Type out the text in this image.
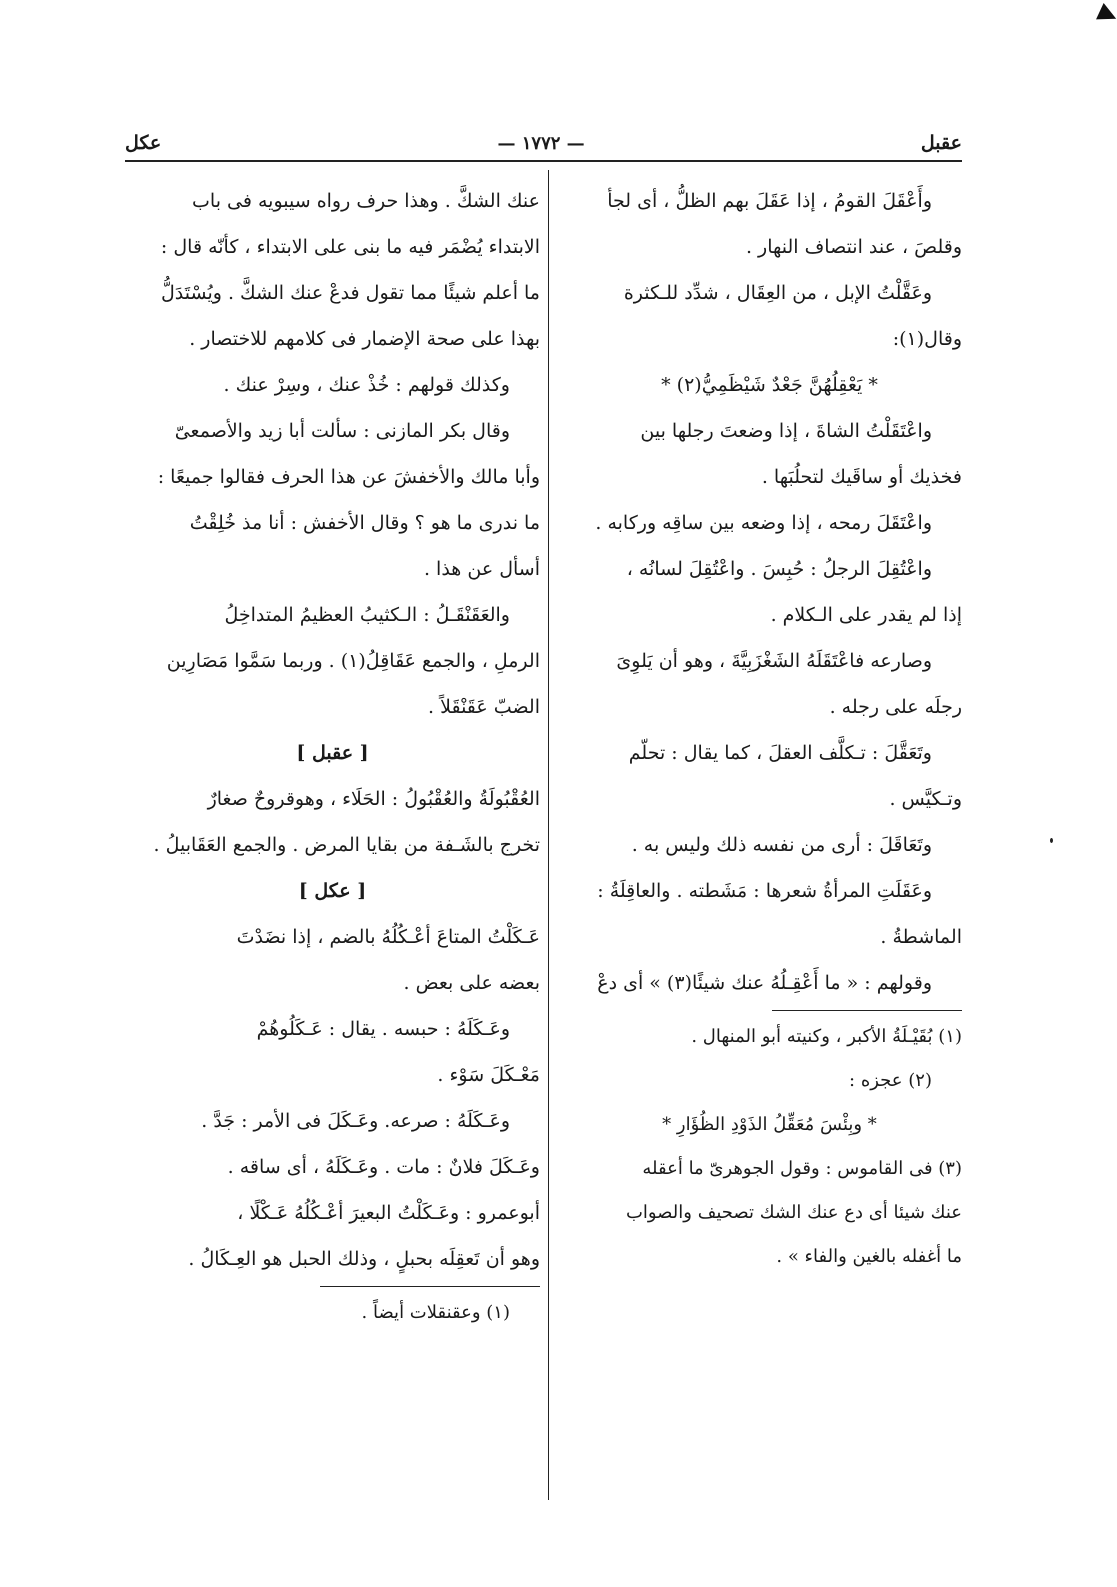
عقبل
— ١٧٧٢ —
عكل

وأَعْقَلَ القومُ ، إذا عَقَلَ بهم الظلُّ ، أى لجأ

وقلصَ ، عند انتصاف النهار .

وعَقَّلْتُ الإبل ، من العِقَال ، شدِّد للـكثرة

وقال(١):

* يَعْقِلُهُنَّ جَعْدٌ شَيْظَمِيُّ(٢) *

واعْتَقَلْتُ الشاةَ ، إذا وضعتَ رجلها بين

فخذيك أو ساقَيك لتحلُبَها .

واعْتَقَلَ رمحه ، إذا وضعه بين ساقِه وركابه .

واعْتُقِلَ الرجلُ : حُبِسَ . واعْتُقِلَ لسانُه ،

إذا لم يقدر على الـكلام .

وصارعه فاعْتَقَلَهُ الشَغْزَبِيَّةَ ، وهو أن يَلوِىَ

رجلَه على رجله .

وتَعَقَّلَ : تـكلَّف العقلَ ، كما يقال : تحلّم

وتـكيَّس .

وتَعَاقَلَ : أرى من نفسه ذلك وليس به .

وعَقَلَتِ المرأةُ شعرها : مَشَطته . والعاقِلَةُ :

الماشطةُ .

وقولهم : « ما أَعْقِـلُهُ عنك شيئًا(٣) » أى دعْ

(١) بُقَيْـلَةُ الأكبر ، وكنيته أبو المنهال .

(٢) عجزه :

* وبِئْسَ مُعَقِّلُ الذَوْدِ الظُؤَارِ *

(٣) فى القاموس : وقول الجوهرىّ ما أعقله

عنك شيئا أى دع عنك الشك تصحيف والصواب

ما أغفله بالغين والفاء » .

عنك الشكَّ . وهذا حرف رواه سيبويه فى باب

الابتداء يُضْمَر فيه ما بنى على الابتداء ، كأنّه قال :

ما أعلم شيئًا مما تقول فدعْ عنك الشكَّ . ويُسْتَدَلُّ

بهذا على صحة الإضمار فى كلامهم للاختصار .

وكذلك قولهم : خُذْ عنك ، وسِرْ عنك .

وقال بكر المازنى : سألت أبا زيد والأصمعىّ

وأبا مالك والأخفشَ عن هذا الحرف فقالوا جميعًا :

ما ندرى ما هو ؟ وقال الأخفش : أنا مذ خُلِقْتُ

أسأل عن هذا .

والعَقَنْقَـلُ : الـكثيبُ العظيمُ المتداخِلُ

الرملِ ، والجمع عَقَاقِلُ(١) . وربما سَمَّوا مَصَارِين

الضبّ عَقَنْقَلاً .

[ عقبل ]

العُقْبُولَةُ والعُقْبُولُ : الحَلَاء ، وهوقروحٌ صغارٌ

تخرج بالشَـفة من بقايا المرض . والجمع العَقَابيلُ .

[ عكل ]

عَـكَلْتُ المتاعَ أعْـكُلُهُ بالضم ، إذا نضَدْتَ

بعضه على بعض .

وعَـكَلَهُ : حبسه . يقال : عَـكَلُوهُمْ

مَعْـكَلَ سَوْء .

وعَـكَلَهُ : صرعه. وعَـكَلَ فى الأمر : جَدَّ .

وعَـكَلَ فلانٌ : مات . وعَـكَلَهُ ، أى ساقه .

أبوعمرو : وعَـكَلْتُ البعيرَ أعْـكُلُهُ عَـكْلًا ،

وهو أن تَعقِلَه بحبلٍ ، وذلك الحبل هو العِـكَالُ .

(١) وعقنقلات أيضاً .
